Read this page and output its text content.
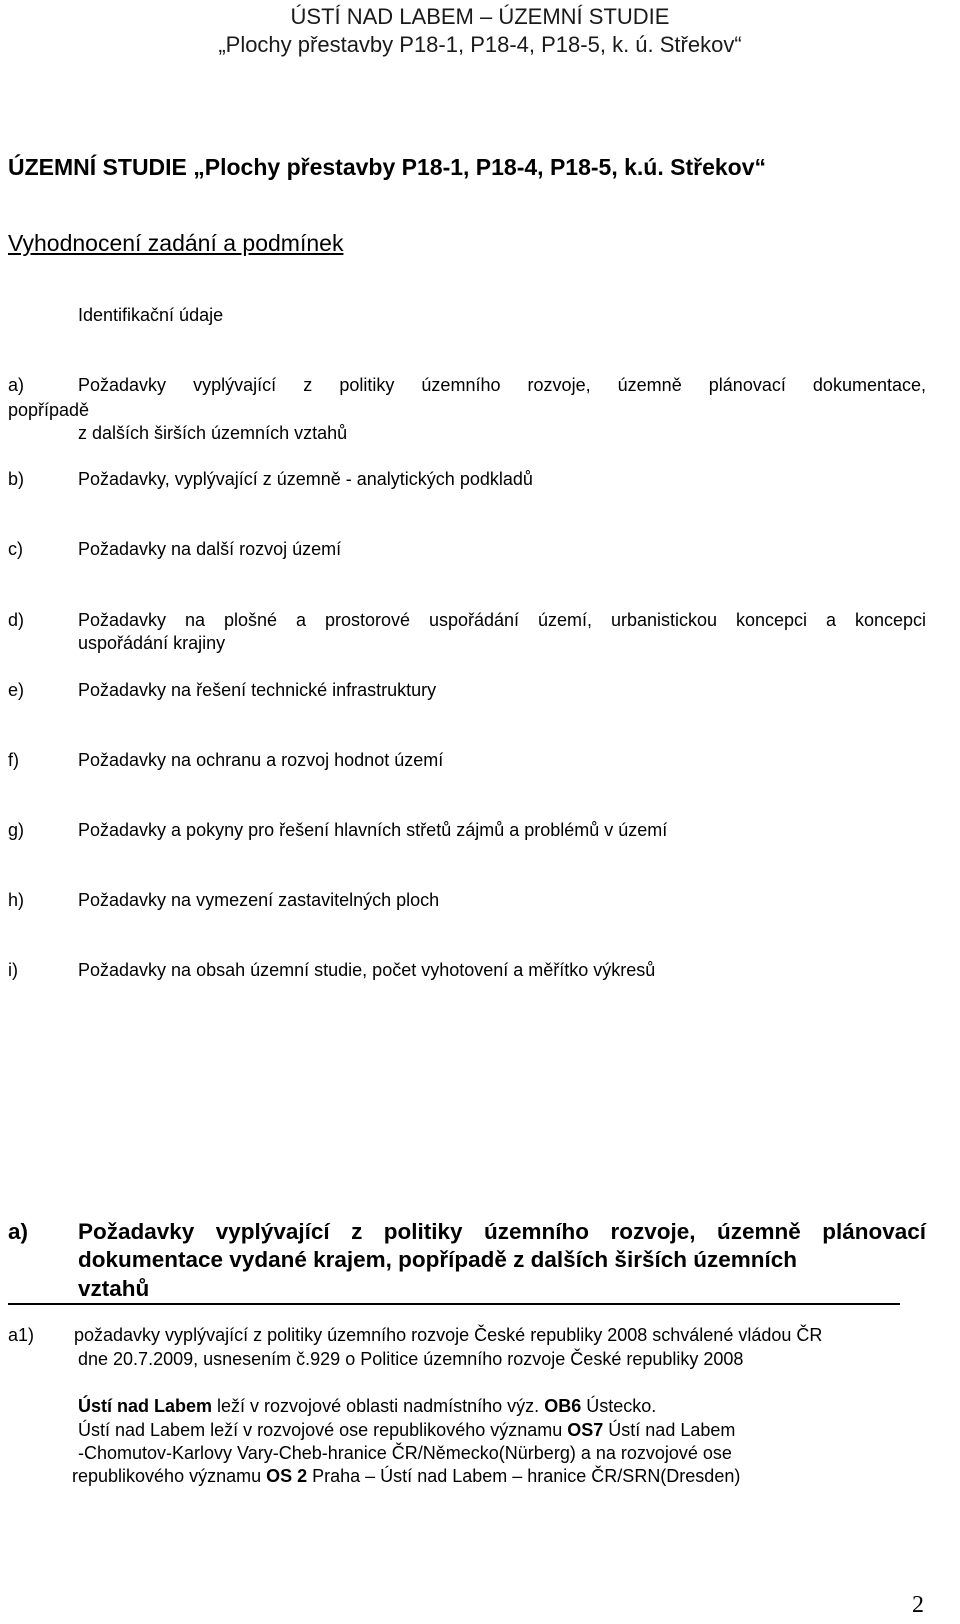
ÚSTÍ NAD LABEM – ÚZEMNÍ STUDIE
„Plochy přestavby P18-1, P18-4, P18-5, k. ú. Střekov“
ÚZEMNÍ STUDIE „Plochy přestavby P18-1, P18-4, P18-5, k.ú. Střekov“
Vyhodnocení zadání a podmínek
Identifikační údaje
a)	Požadavky vyplývající z politiky územního rozvoje, územně plánovací dokumentace,
popřípadě
z dalších širších územních vztahů
b)	Požadavky, vyplývající z územně - analytických podkladů
c)	Požadavky na další rozvoj území
d)	Požadavky na plošné a prostorové uspořádání území, urbanistickou koncepci a koncepci
uspořádání krajiny
e)	Požadavky na řešení technické infrastruktury
f)	Požadavky na ochranu a rozvoj hodnot území
g)	Požadavky a pokyny pro řešení hlavních střetů zájmů a problémů v území
h)	Požadavky na vymezení zastavitelných ploch
i)	Požadavky na obsah územní studie, počet vyhotovení a měřítko výkresů
a) Požadavky vyplývající z politiky územního rozvoje, územně plánovací
dokumentace vydané krajem, popřípadě z dalších širších územních
vztahů
a1) požadavky vyplývající z politiky územního rozvoje České republiky 2008 schválené vládou ČR
dne 20.7.2009, usnesením č.929 o Politice územního rozvoje České republiky 2008
Ústí nad Labem leží v rozvojové oblasti nadmístního výz. OB6 Ústecko.
Ústí nad Labem leží v rozvojové ose republikového významu OS7 Ústí nad Labem
-Chomutov-Karlovy Vary-Cheb-hranice ČR/Německo(Nürberg) a na rozvojové ose
republikového významu OS 2 Praha – Ústí nad Labem – hranice ČR/SRN(Dresden)
2
